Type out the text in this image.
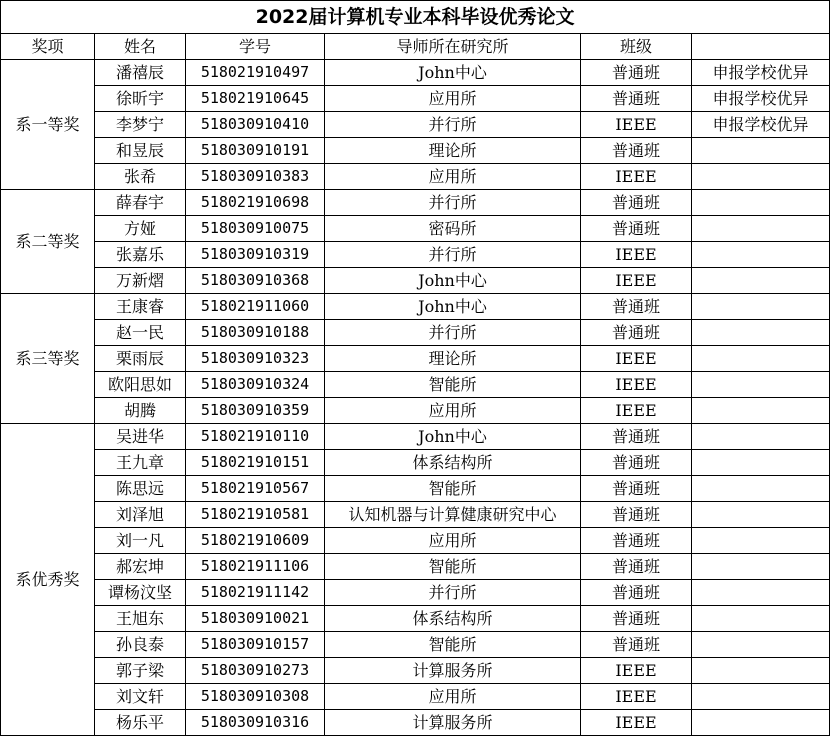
2022届计算机专业本科毕设优秀论文					
奖项	姓名	学号	导师所在研究所	班级	
系一等奖	潘禧辰	518021910497	John中心	普通班	申报学校优异
	徐昕宇	518021910645	应用所	普通班	申报学校优异
	李梦宁	518030910410	并行所	IEEE	申报学校优异
	和昱辰	518030910191	理论所	普通班	
	张希	518030910383	应用所	IEEE	
系二等奖	薛春宇	518021910698	并行所	普通班	
	方娅	518030910075	密码所	普通班	
	张嘉乐	518030910319	并行所	IEEE	
	万新熠	518030910368	John中心	IEEE	
系三等奖	王康睿	518021911060	John中心	普通班	
	赵一民	518030910188	并行所	普通班	
	栗雨辰	518030910323	理论所	IEEE	
	欧阳思如	518030910324	智能所	IEEE	
	胡腾	518030910359	应用所	IEEE	
系优秀奖	吴进华	518021910110	John中心	普通班	
	王九章	518021910151	体系结构所	普通班	
	陈思远	518021910567	智能所	普通班	
	刘泽旭	518021910581	认知机器与计算健康研究中心	普通班	
	刘一凡	518021910609	应用所	普通班	
	郝宏坤	518021911106	智能所	普通班	
	谭杨汶坚	518021911142	并行所	普通班	
	王旭东	518030910021	体系结构所	普通班	
	孙良泰	518030910157	智能所	普通班	
	郭子梁	518030910273	计算服务所	IEEE	
	刘文轩	518030910308	应用所	IEEE	
	杨乐平	518030910316	计算服务所	IEEE	
